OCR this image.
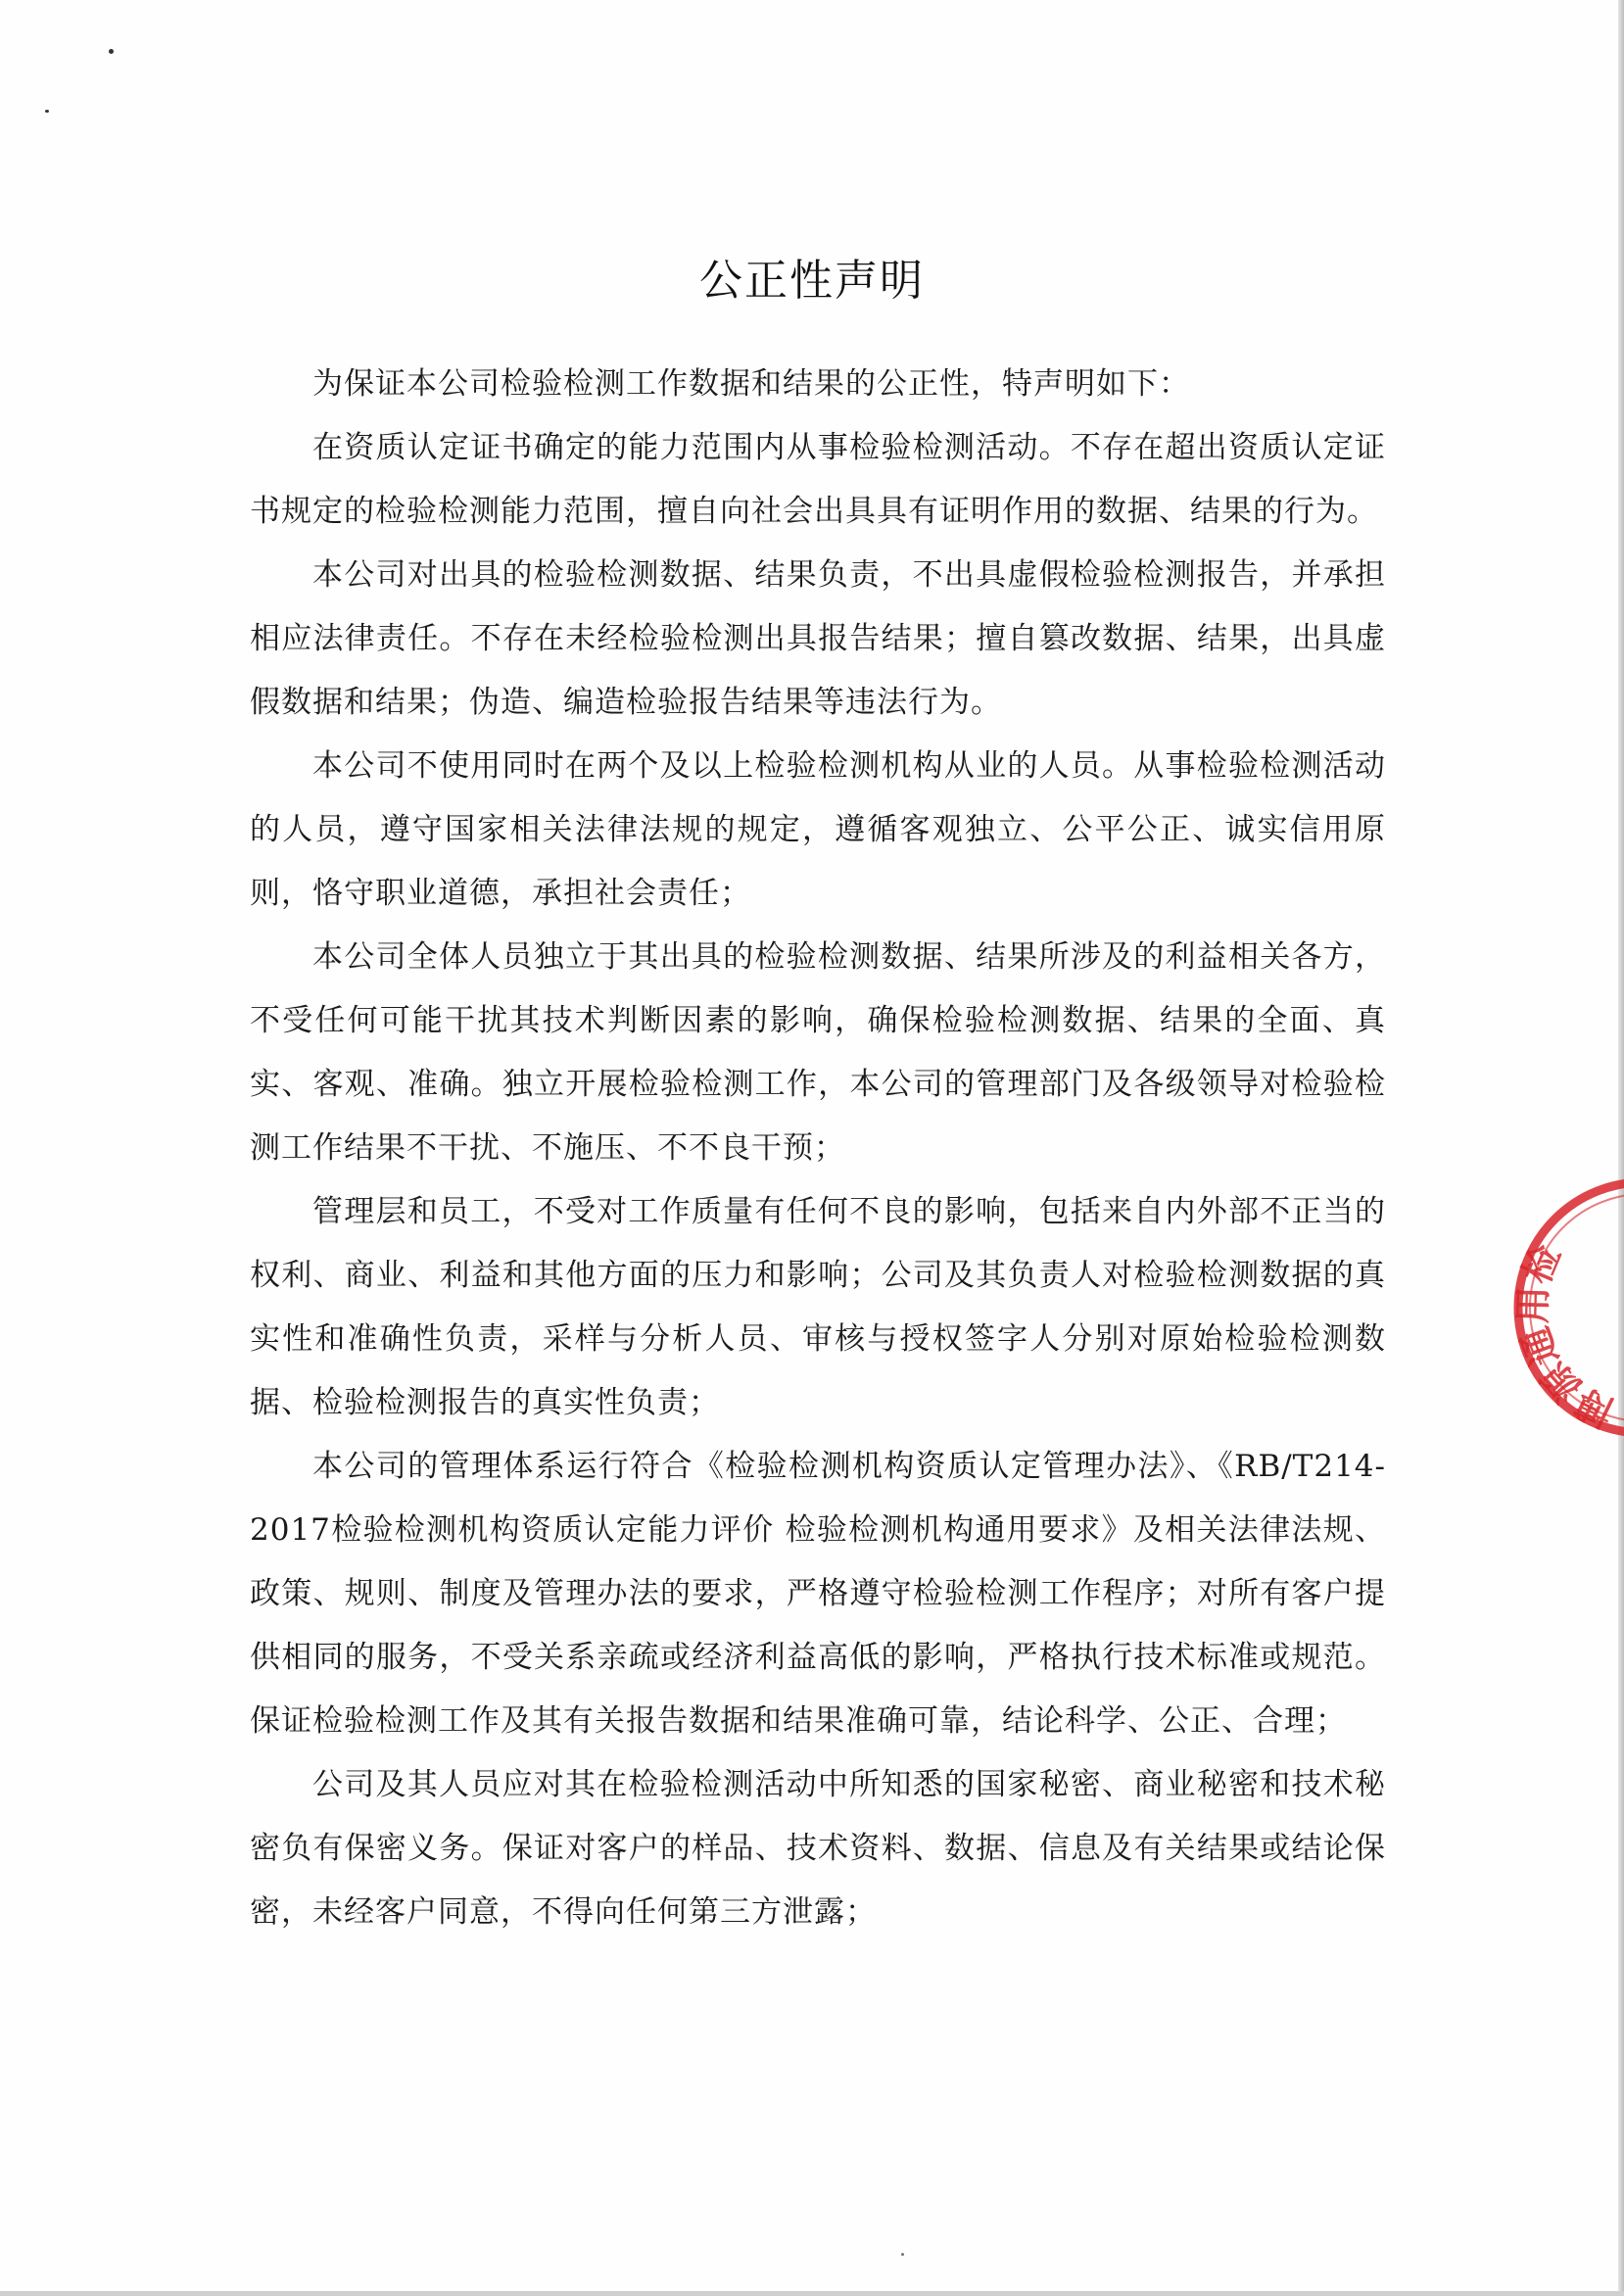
公正性声明

为保证本公司检验检测工作数据和结果的公正性，特声明如下：

在资质认定证书确定的能力范围内从事检验检测活动。不存在超出资质认定证书规定的检验检测能力范围，擅自向社会出具具有证明作用的数据、结果的行为。

本公司对出具的检验检测数据、结果负责，不出具虚假检验检测报告，并承担相应法律责任。不存在未经检验检测出具报告结果；擅自篡改数据、结果，出具虚假数据和结果；伪造、编造检验报告结果等违法行为。

本公司不使用同时在两个及以上检验检测机构从业的人员。从事检验检测活动的人员，遵守国家相关法律法规的规定，遵循客观独立、公平公正、诚实信用原则，恪守职业道德，承担社会责任；

本公司全体人员独立于其出具的检验检测数据、结果所涉及的利益相关各方，不受任何可能干扰其技术判断因素的影响，确保检验检测数据、结果的全面、真实、客观、准确。独立开展检验检测工作，本公司的管理部门及各级领导对检验检测工作结果不干扰、不施压、不不良干预；

管理层和员工，不受对工作质量有任何不良的影响，包括来自内外部不正当的权利、商业、利益和其他方面的压力和影响；公司及其负责人对检验检测数据的真实性和准确性负责，采样与分析人员、审核与授权签字人分别对原始检验检测数据、检验检测报告的真实性负责；

本公司的管理体系运行符合《检验检测机构资质认定管理办法》、《RB/T214-2017检验检测机构资质认定能力评价 检验检测机构通用要求》及相关法律法规、政策、规则、制度及管理办法的要求，严格遵守检验检测工作程序；对所有客户提供相同的服务，不受关系亲疏或经济利益高低的影响，严格执行技术标准或规范。保证检验检测工作及其有关报告数据和结果准确可靠，结论科学、公正、合理；

公司及其人员应对其在检验检测活动中所知悉的国家秘密、商业秘密和技术秘密负有保密义务。保证对客户的样品、技术资料、数据、信息及有关结果或结论保密，未经客户同意，不得向任何第三方泄露；

博源通用检
